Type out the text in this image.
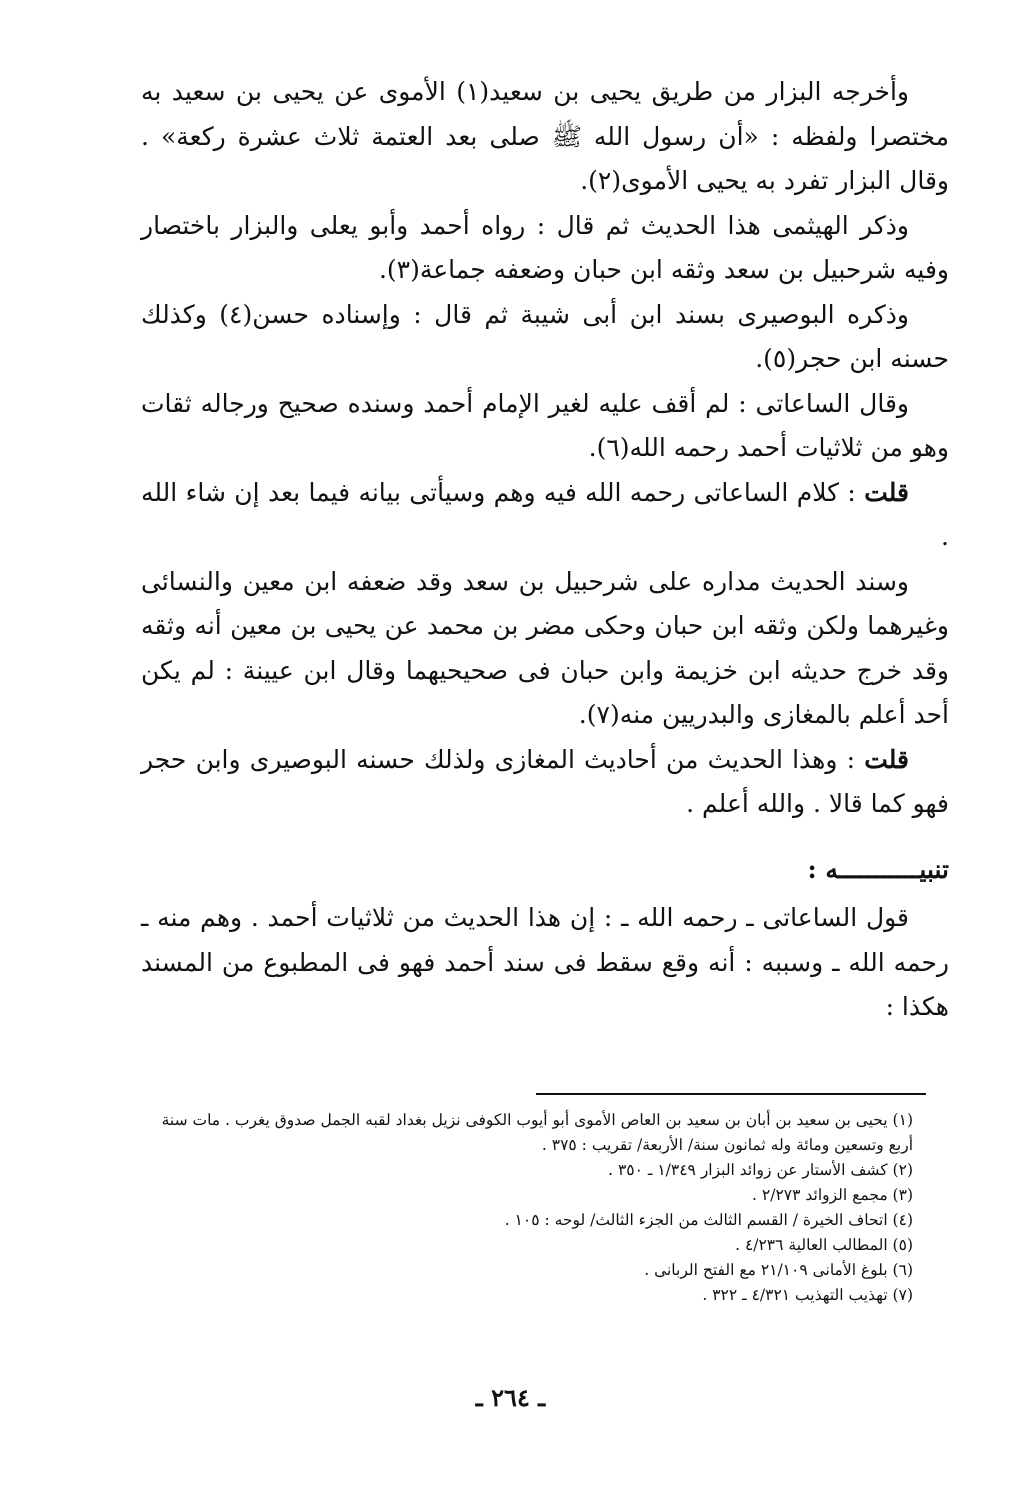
وأخرجه البزار من طريق يحيى بن سعيد(١) الأموى عن يحيى بن سعيد به مختصرا ولفظه : «أن رسول الله ﷺ صلى بعد العتمة ثلاث عشرة ركعة» . وقال البزار تفرد به يحيى الأموى(٢).

وذكر الهيثمى هذا الحديث ثم قال : رواه أحمد وأبو يعلى والبزار باختصار وفيه شرحبيل بن سعد وثقه ابن حبان وضعفه جماعة(٣).

وذكره البوصيرى بسند ابن أبى شيبة ثم قال : وإسناده حسن(٤) وكذلك حسنه ابن حجر(٥).

وقال الساعاتى : لم أقف عليه لغير الإمام أحمد وسنده صحيح ورجاله ثقات وهو من ثلاثيات أحمد رحمه الله(٦).

قلت : كلام الساعاتى رحمه الله فيه وهم وسيأتى بيانه فيما بعد إن شاء الله .

وسند الحديث مداره على شرحبيل بن سعد وقد ضعفه ابن معين والنسائى وغيرهما ولكن وثقه ابن حبان وحكى مضر بن محمد عن يحيى بن معين أنه وثقه وقد خرج حديثه ابن خزيمة وابن حبان فى صحيحيهما وقال ابن عيينة : لم يكن أحد أعلم بالمغازى والبدريين منه(٧).

قلت : وهذا الحديث من أحاديث المغازى ولذلك حسنه البوصيرى وابن حجر فهو كما قالا . والله أعلم .

تنبيـــــــــــه :

قول الساعاتى ـ رحمه الله ـ : إن هذا الحديث من ثلاثيات أحمد . وهم منه ـ رحمه الله ـ وسببه : أنه وقع سقط فى سند أحمد فهو فى المطبوع من المسند هكذا :

(١) يحيى بن سعيد بن أبان بن سعيد بن العاص الأموى أبو أيوب الكوفى نزيل بغداد لقبه الجمل صدوق يغرب . مات سنة أربع وتسعين ومائة وله ثمانون سنة/ الأربعة/ تقريب : ٣٧٥ .

(٢) كشف الأستار عن زوائد البزار ١/٣٤٩ ـ ٣٥٠ .

(٣) مجمع الزوائد ٢/٢٧٣ .

(٤) اتحاف الخيرة / القسم الثالث من الجزء الثالث/ لوحه : ١٠٥ .

(٥) المطالب العالية ٤/٢٣٦ .

(٦) بلوغ الأمانى ٢١/١٠٩ مع الفتح الربانى .

(٧) تهذيب التهذيب ٤/٣٢١ ـ ٣٢٢ .

ـ ٢٦٤ ـ
